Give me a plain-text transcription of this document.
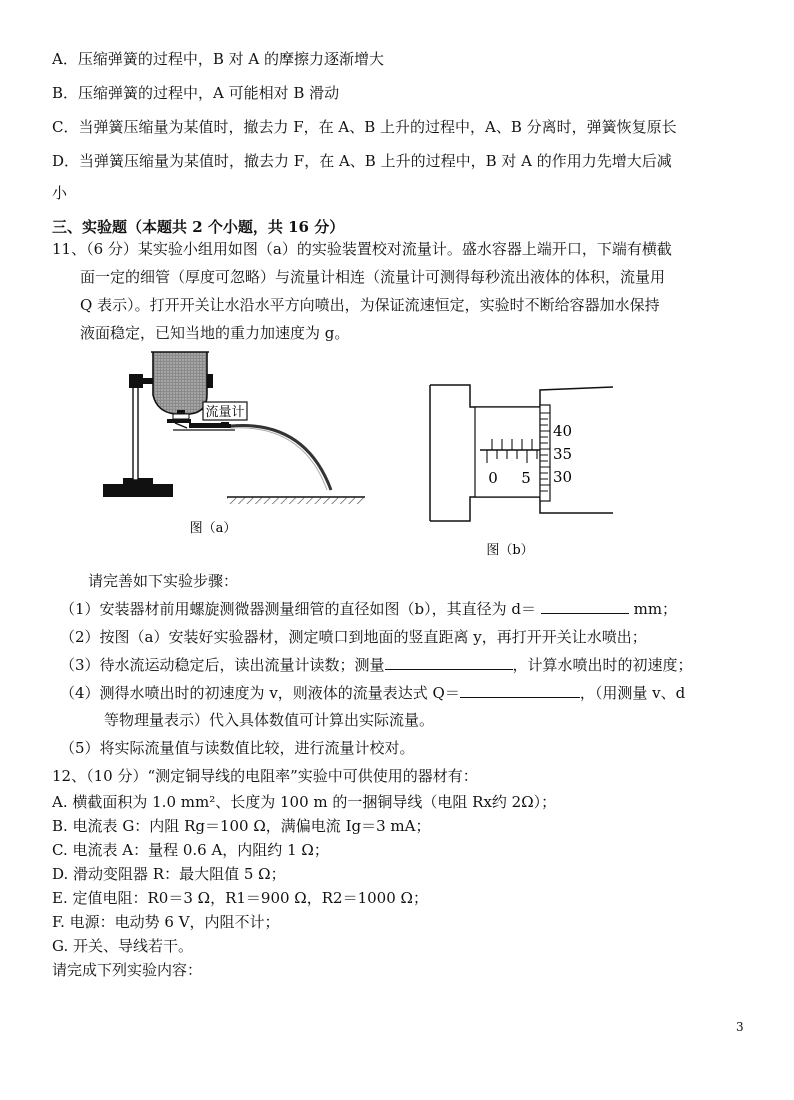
A．压缩弹簧的过程中，B 对 A 的摩擦力逐渐增大
B．压缩弹簧的过程中，A 可能相对 B 滑动
C．当弹簧压缩量为某值时，撤去力 F，在 A、B 上升的过程中，A、B 分离时，弹簧恢复原长
D．当弹簧压缩量为某值时，撤去力 F，在 A、B 上升的过程中，B 对 A 的作用力先增大后减
小
三、实验题（本题共 2 个小题，共 16 分）
11、（6 分）某实验小组用如图（a）的实验装置校对流量计。盛水容器上端开口，下端有横截
面一定的细管（厚度可忽略）与流量计相连（流量计可测得每秒流出液体的体积，流量用
Q 表示）。打开开关让水沿水平方向喷出，为保证流速恒定，实验时不断给容器加水保持
液面稳定，已知当地的重力加速度为 g。
流量计
图（a）
0 5
40
35
30
图（b）
请完善如下实验步骤：
（1）安装器材前用螺旋测微器测量细管的直径如图（b），其直径为 d＝	mm；
（2）按图（a）安装好实验器材，测定喷口到地面的竖直距离 y，再打开开关让水喷出；
（3）待水流运动稳定后，读出流量计读数；测量	，计算水喷出时的初速度；
（4）测得水喷出时的初速度为 v，则液体的流量表达式 Q＝	，（用测量 v、d
等物理量表示）代入具体数值可计算出实际流量。
（5）将实际流量值与读数值比较，进行流量计校对。
12、（10 分）“测定铜导线的电阻率”实验中可供使用的器材有：
A. 横截面积为 1.0 mm²、长度为 100 m 的一捆铜导线（电阻 Rx约 2Ω）；
B. 电流表 G：内阻 Rg＝100 Ω，满偏电流 Ig＝3 mA；
C. 电流表 A：量程 0.6 A，内阻约 1 Ω；
D. 滑动变阻器 R：最大阻值 5 Ω；
E. 定值电阻：R0＝3 Ω，R1＝900 Ω，R2＝1000 Ω；
F. 电源：电动势 6 V，内阻不计；
G. 开关、导线若干。
请完成下列实验内容：
3
